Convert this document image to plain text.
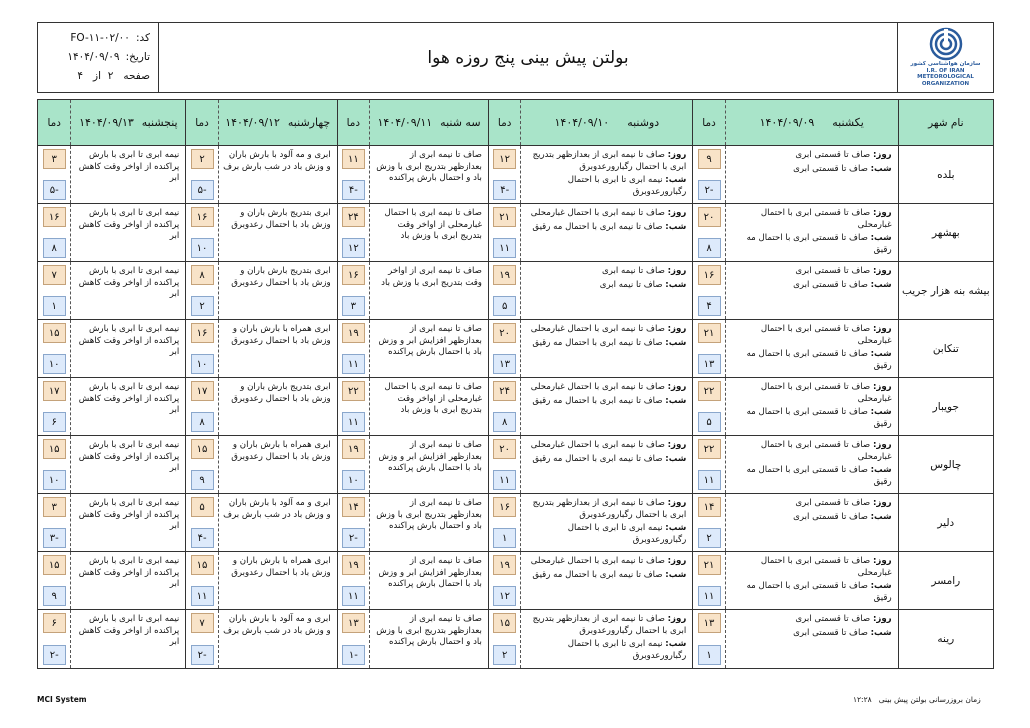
کد:
FO-۱۱-۰۲/۰۰
تاریخ:
۱۴۰۴/۰۹/۰۹
صفحه   ۲  از   ۴
بولتن پیش بینی پنج روزه هوا	سازمان هواشناسی کشور
I.R. OF IRAN
METEOROLOGICAL
ORGANIZATION
نام شهر
یکشنبه
۱۴۰۴/۰۹/۰۹
دما
دوشنبه
۱۴۰۴/۰۹/۱۰
دما
سه شنبه
۱۴۰۴/۰۹/۱۱
دما
چهارشنبه
۱۴۰۴/۰۹/۱۲
دما
پنجشنبه
۱۴۰۴/۰۹/۱۳
دما
بلده
روز: صاف تا قسمتی ابری
شب: صاف تا قسمتی ابری
۹
-۲
روز: صاف تا نیمه ابری از بعدازظهر بتدریج ابری با احتمال رگبارورعدوبرق
شب: نیمه ابری تا ابری با احتمال رگبارورعدوبرق
۱۲
-۴
صاف تا نیمه ابری از بعدازظهر بتدریج ابری با وزش باد و احتمال بارش پراکنده
۱۱
-۴
ابری و مه آلود با بارش باران و وزش باد در شب بارش برف
۲
-۵
نیمه ابری تا ابری با بارش پراکنده از اواخر وقت کاهش ابر
۳
-۵
بهشهر
روز: صاف تا قسمتی ابری با احتمال غبارمحلی
شب: صاف تا قسمتی ابری با احتمال مه رقیق
۲۰
۸
روز: صاف تا نیمه ابری با احتمال غبارمحلی
شب: صاف تا نیمه ابری با احتمال مه رقیق
۲۱
۱۱
صاف تا نیمه ابری با احتمال غبارمحلی از اواخر وقت بتدریج ابری با وزش باد
۲۴
۱۲
ابری بتدریج بارش باران و وزش باد با احتمال رعدوبرق
۱۶
۱۰
نیمه ابری تا ابری با بارش پراکنده از اواخر وقت کاهش ابر
۱۶
۸
بیشه بنه هزار جریب
روز: صاف تا قسمتی ابری
شب: صاف تا قسمتی ابری
۱۶
۴
روز: صاف تا نیمه ابری
شب: صاف تا نیمه ابری
۱۹
۵
صاف تا نیمه ابری از اواخر وقت بتدریج ابری با وزش باد
۱۶
۳
ابری بتدریج بارش باران و وزش باد با احتمال رعدوبرق
۸
۲
نیمه ابری تا ابری با بارش پراکنده از اواخر وقت کاهش ابر
۷
۱
تنکابن
روز: صاف تا قسمتی ابری با احتمال غبارمحلی
شب: صاف تا قسمتی ابری با احتمال مه رقیق
۲۱
۱۳
روز: صاف تا نیمه ابری با احتمال غبارمحلی
شب: صاف تا نیمه ابری با احتمال مه رقیق
۲۰
۱۳
صاف تا نیمه ابری از بعدازظهر افزایش ابر و وزش باد با احتمال بارش پراکنده
۱۹
۱۱
ابری همراه با بارش باران و وزش باد با احتمال رعدوبرق
۱۶
۱۰
نیمه ابری تا ابری با بارش پراکنده از اواخر وقت کاهش ابر
۱۵
۱۰
جویبار
روز: صاف تا قسمتی ابری با احتمال غبارمحلی
شب: صاف تا قسمتی ابری با احتمال مه رقیق
۲۲
۵
روز: صاف تا نیمه ابری با احتمال غبارمحلی
شب: صاف تا نیمه ابری با احتمال مه رقیق
۲۴
۸
صاف تا نیمه ابری با احتمال غبارمحلی از اواخر وقت بتدریج ابری با وزش باد
۲۲
۱۱
ابری بتدریج بارش باران و وزش باد با احتمال رعدوبرق
۱۷
۸
نیمه ابری تا ابری با بارش پراکنده از اواخر وقت کاهش ابر
۱۷
۶
چالوس
روز: صاف تا قسمتی ابری با احتمال غبارمحلی
شب: صاف تا قسمتی ابری با احتمال مه رقیق
۲۲
۱۱
روز: صاف تا نیمه ابری با احتمال غبارمحلی
شب: صاف تا نیمه ابری با احتمال مه رقیق
۲۰
۱۱
صاف تا نیمه ابری از بعدازظهر افزایش ابر و وزش باد با احتمال بارش پراکنده
۱۹
۱۰
ابری همراه با بارش باران و وزش باد با احتمال رعدوبرق
۱۵
۹
نیمه ابری تا ابری با بارش پراکنده از اواخر وقت کاهش ابر
۱۵
۱۰
دلیر
روز: صاف تا قسمتی ابری
شب: صاف تا قسمتی ابری
۱۴
۲
روز: صاف تا نیمه ابری از بعدازظهر بتدریج ابری با احتمال رگبارورعدوبرق
شب: نیمه ابری تا ابری با احتمال رگبارورعدوبرق
۱۶
۱
صاف تا نیمه ابری از بعدازظهر بتدریج ابری با وزش باد و احتمال بارش پراکنده
۱۴
-۲
ابری و مه آلود با بارش باران و وزش باد در شب بارش برف
۵
-۴
نیمه ابری تا ابری با بارش پراکنده از اواخر وقت کاهش ابر
۳
-۳
رامسر
روز: صاف تا قسمتی ابری با احتمال غبارمحلی
شب: صاف تا قسمتی ابری با احتمال مه رقیق
۲۱
۱۱
روز: صاف تا نیمه ابری با احتمال غبارمحلی
شب: صاف تا نیمه ابری با احتمال مه رقیق
۱۹
۱۲
صاف تا نیمه ابری از بعدازظهر افزایش ابر و وزش باد با احتمال بارش پراکنده
۱۹
۱۱
ابری همراه با بارش باران و وزش باد با احتمال رعدوبرق
۱۵
۱۱
نیمه ابری تا ابری با بارش پراکنده از اواخر وقت کاهش ابر
۱۵
۹
رینه
روز: صاف تا قسمتی ابری
شب: صاف تا قسمتی ابری
۱۳
۱
روز: صاف تا نیمه ابری از بعدازظهر بتدریج ابری با احتمال رگبارورعدوبرق
شب: نیمه ابری تا ابری با احتمال رگبارورعدوبرق
۱۵
۲
صاف تا نیمه ابری از بعدازظهر بتدریج ابری با وزش باد و احتمال بارش پراکنده
۱۳
-۱
ابری و مه آلود با بارش باران و وزش باد در شب بارش برف
۷
-۲
نیمه ابری تا ابری با بارش پراکنده از اواخر وقت کاهش ابر
۶
-۲
MCI System	زمان بروزرسانی بولتن پیش بینی   ۱۲:۲۸
